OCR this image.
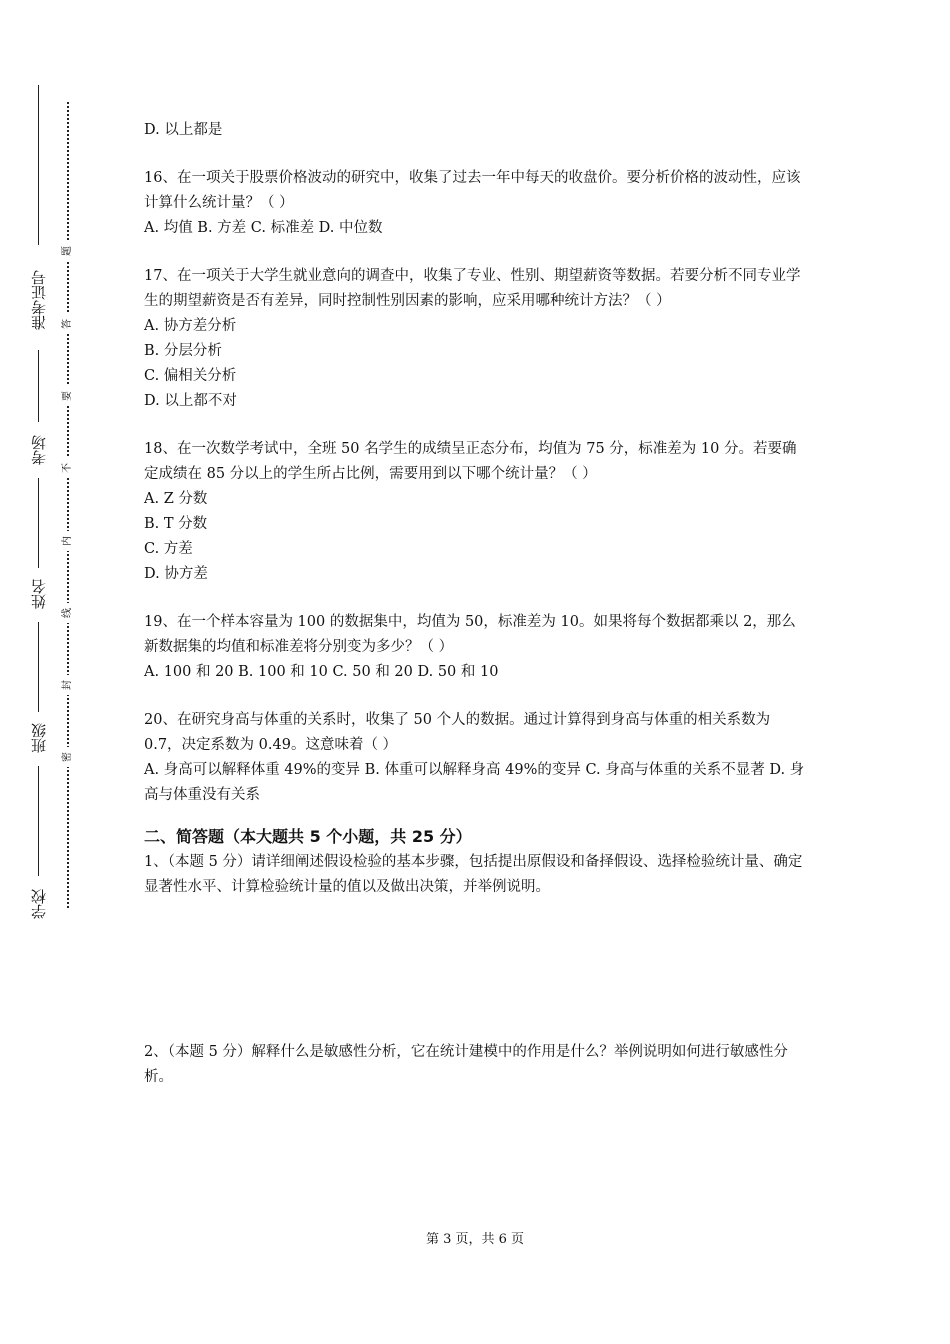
准考证号
考场
姓名
班级
学校
题
答
要
不
内
线
封
密

D. 以上都是

16、在一项关于股票价格波动的研究中，收集了过去一年中每天的收盘价。要分析价格的波动性，应该计算什么统计量？（ ）

A. 均值 B. 方差 C. 标准差 D. 中位数

17、在一项关于大学生就业意向的调查中，收集了专业、性别、期望薪资等数据。若要分析不同专业学生的期望薪资是否有差异，同时控制性别因素的影响，应采用哪种统计方法？（ ）

A. 协方差分析

B. 分层分析

C. 偏相关分析

D. 以上都不对

18、在一次数学考试中，全班 50 名学生的成绩呈正态分布，均值为 75 分，标准差为 10 分。若要确定成绩在 85 分以上的学生所占比例，需要用到以下哪个统计量？（ ）

A. Z 分数

B. T 分数

C. 方差

D. 协方差

19、在一个样本容量为 100 的数据集中，均值为 50，标准差为 10。如果将每个数据都乘以 2，那么新数据集的均值和标准差将分别变为多少？（ ）

A. 100 和 20 B. 100 和 10 C. 50 和 20 D. 50 和 10

20、在研究身高与体重的关系时，收集了 50 个人的数据。通过计算得到身高与体重的相关系数为 0.7，决定系数为 0.49。这意味着（ ）

A. 身高可以解释体重 49%的变异 B. 体重可以解释身高 49%的变异 C. 身高与体重的关系不显著 D. 身高与体重没有关系

二、简答题（本大题共 5 个小题，共 25 分）

1、（本题 5 分）请详细阐述假设检验的基本步骤，包括提出原假设和备择假设、选择检验统计量、确定显著性水平、计算检验统计量的值以及做出决策，并举例说明。

2、（本题 5 分）解释什么是敏感性分析，它在统计建模中的作用是什么？举例说明如何进行敏感性分析。

第 3 页，共 6 页
